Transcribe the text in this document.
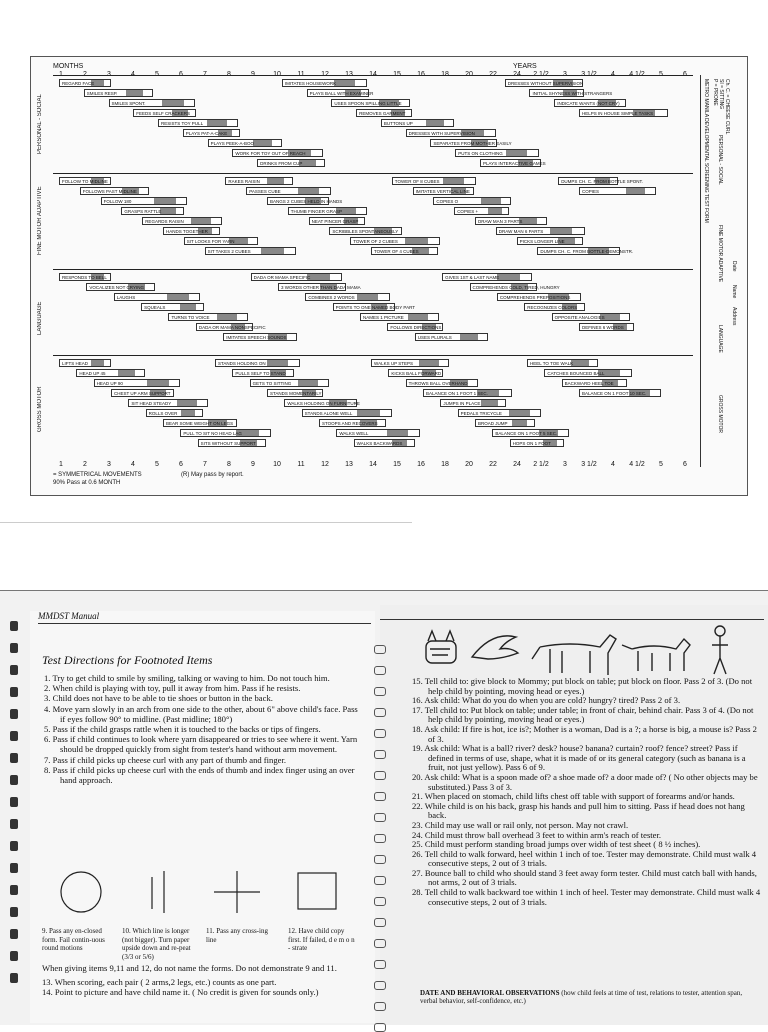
MONTHS	YEARS
1	2	3	4	5	6	7	8	9	10 11 12 13 14 15 16 18 20 22 24 2 1/2 3 3 1/2 4 4 1/2 5	6
1	2	3	4	5	6	7	8	9	10 11 12 13 14 15 16 18 20 22 24 2 1/2 3 3 1/2 4 4 1/2 5	6
PERSONAL - SOCIAL
FINE MOTOR ADAPTIVE
LANGUAGE
GROSS MOTOR
REGARD FACE
SMILES RESP.
SMILES SPONT.
FEEDS SELF CRACKERS
RESISTS TOY PULL
PLAYS PAT-A-CAKE
PLAYS PEEK-A-BOO
WORK FOR TOY OUT OF REACH
DRINKS FROM CUP
IMITATES HOUSEWORK
PLAYS BALL WITH EXAMINER
USES SPOON SPILLING LITTLE
REMOVES GARMENT
BUTTONS UP
DRESSES WITH SUPERVISION
SEPARATES FROM MOTHER EASILY
PUTS ON CLOTHING
PLAYS INTERACTIVE GAMES
DRESSES WITHOUT SUPERVISION
INITIAL SHYNESS WITH STRANGERS
INDICATE WANTS (NOT CRY)
HELPS IN HOUSE SIMPLE TASKS
FOLLOW TO MIDLINE
FOLLOWS PAST MIDLINE
FOLLOW 180
GRASPS RATTLE
REGARDS RAISIN
HANDS TOGETHER
SIT LOOKS FOR YARN
SIT TAKES 2 CUBES
RAKES RAISIN
PASSES CUBE
BANGS 2 CUBES HELD IN HANDS
THUMB FINGER GRASP
NEAT PINCER GRASP
SCRIBBLES SPONTANEOUSLY
TOWER OF 2 CUBES
TOWER OF 4 CUBES
TOWER OF 8 CUBES
IMITATES VERTICAL LINE
COPIES O
COPIES +
DRAW MAN 3 PARTS
DRAW MAN 6 PARTS
PICKS LONGER LINE
DUMPS CH. C. FROM BOTTLE-DEMONSTR.
DUMPS CH. C. FROM BOTTLE SPONT.
COPIES
RESPONDS TO BELL
VOCALIZES NOT CRYING
LAUGHS
SQUEALS
TURNS TO VOICE
DADA OR MAMA NONSPECIFIC
IMITATES SPEECH SOUNDS
DADA OR MAMA SPECIFIC
3 WORDS OTHER THAN DADA MAMA
COMBINES 2 WORDS
POINTS TO ONE NAMED BODY PART
NAMES 1 PICTURE
FOLLOWS DIRECTIONS
USES PLURALS
GIVES 1ST & LAST NAME
COMPREHENDS COLD, TIRED, HUNGRY
COMPREHENDS PREPOSITIONS
RECOGNIZES COLORS
OPPOSITE ANALOGIES
DEFINES 6 WORDS
LIFTS HEAD
HEAD UP 45
HEAD UP 90
CHEST UP ARM SUPPORT
SIT HEAD STEADY
ROLLS OVER
BEAR SOME WEIGHT ON LEGS
PULL TO SIT NO HEAD LAG
SITS WITHOUT SUPPORT
STANDS HOLDING ON
PULLS SELF TO STAND
GETS TO SITTING
STANDS MOMENTARILY
WALKS HOLDING ON FURNITURE
STANDS ALONE WELL
STOOPS AND RECOVERS
WALKS WELL
WALKS BACKWARDS
WALKS UP STEPS
KICKS BALL FORWARD
THROWS BALL OVERHAND
BALANCE ON 1 FOOT 1 SEC.
JUMPS IN PLACE
PEDALS TRICYCLE
BROAD JUMP
BALANCE ON 1 FOOT 5 SEC.
HOPS ON 1 FOOT
HEEL TO TOE WALK
CATCHES BOUNCED BALL
BACKWARD HEEL TOE
BALANCE ON 1 FOOT 10 SEC.
METRO MANILA DEVELOPMENTAL SCREENING TEST FORM P = PRONE SI = SITTING Ch. C. = CHEESE CURL
Date
Name
Address
PERSONAL - SOCIAL
FINE MOTOR ADAPTIVE
LANGUAGE
GROSS MOTOR
= SYMMETRICAL MOVEMENTS
90% Pass at 0.6 MONTH
(R) May pass by report.
MMDST Manual
Test Directions for Footnoted Items
1. Try to get child to smile by smiling, talking or waving to him. Do not touch him.
2. When child is playing with toy, pull it away from him. Pass if he resists.
3. Child does not have to be able to tie shoes or button in the back.
4. Move yarn slowly in an arch from one side to the other, about 6" above child's face. Pass if eyes follow 90° to midline. (Past midline; 180°)
5. Pass if the child grasps rattle when it is touched to the backs or tips of fingers.
6. Pass if child continues to look where yarn disappeared or tries to see where it went. Yarn should be dropped quickly from sight from tester's hand without arm movement.
7. Pass if child picks up cheese curl with any part of thumb and finger.
8. Pass if child picks up cheese curl with the ends of thumb and index finger using an over hand approach.
9. Pass any en-closed form. Fail contin-uous round motions
10. Which line is longer (not bigger). Turn paper upside down and re-peat (3/3 or 5/6)
11. Pass any cross-ing line
12. Have child copy first. If failed, d e m o n - strate

When giving items 9,11 and 12, do not name the forms. Do not demonstrate 9 and 11.

13. When scoring, each pair ( 2 arms,2 legs, etc.) counts as one part.

14. Point to picture and have child name it. ( No credit is given for sounds only.)

15. Tell child to: give block to Mommy; put block on table; put block on floor. Pass 2 of 3. (Do not help child by pointing, moving head or eyes.)
16. Ask child: What do you do when you are cold? hungry? tired? Pass 2 of 3.
17. Tell child to: Put block on table; under table; in front of chair, behind chair. Pass 3 of 4. (Do not help child by pointing, moving head or eyes.)
18. Ask child: If fire is hot, ice is?; Mother is a woman, Dad is a ?; a horse is big, a mouse is? Pass 2 of 3.
19. Ask child: What is a ball? river? desk? house? banana? curtain? roof? fence? street? Pass if defined in terms of use, shape, what it is made of or its general category (such as banana is a fruit, not just yellow). Pass 6 of 9.
20. Ask child: What is a spoon made of? a shoe made of? a door made of? ( No other objects may be substituted.) Pass 3 of 3.
21. When placed on stomach, child lifts chest off table with support of forearms and/or hands.
22. While child is on his back, grasp his hands and pull him to sitting. Pass if head does not hang back.
23. Child may use wall or rail only, not person. May not crawl.
24. Child must throw ball overhead 3 feet to within arm's reach of tester.
25. Child must perform standing broad jumps over width of test sheet ( 8 ½ inches).
26. Tell child to walk forward, heel within 1 inch of toe. Tester may demonstrate. Child must walk 4 consecutive steps, 2 out of 3 trials.
27. Bounce ball to child who should stand 3 feet away form tester. Child must catch ball with hands, not arms, 2 out of 3 trials.
28. Tell child to walk backward toe within 1 inch of heel. Tester may demonstrate. Child must walk 4 consecutive steps, 2 out of 3 trials.
DATE AND BEHAVIORAL OBSERVATIONS (how child feels at time of test, relations to tester, attention span, verbal behavior, self-confidence, etc.)
